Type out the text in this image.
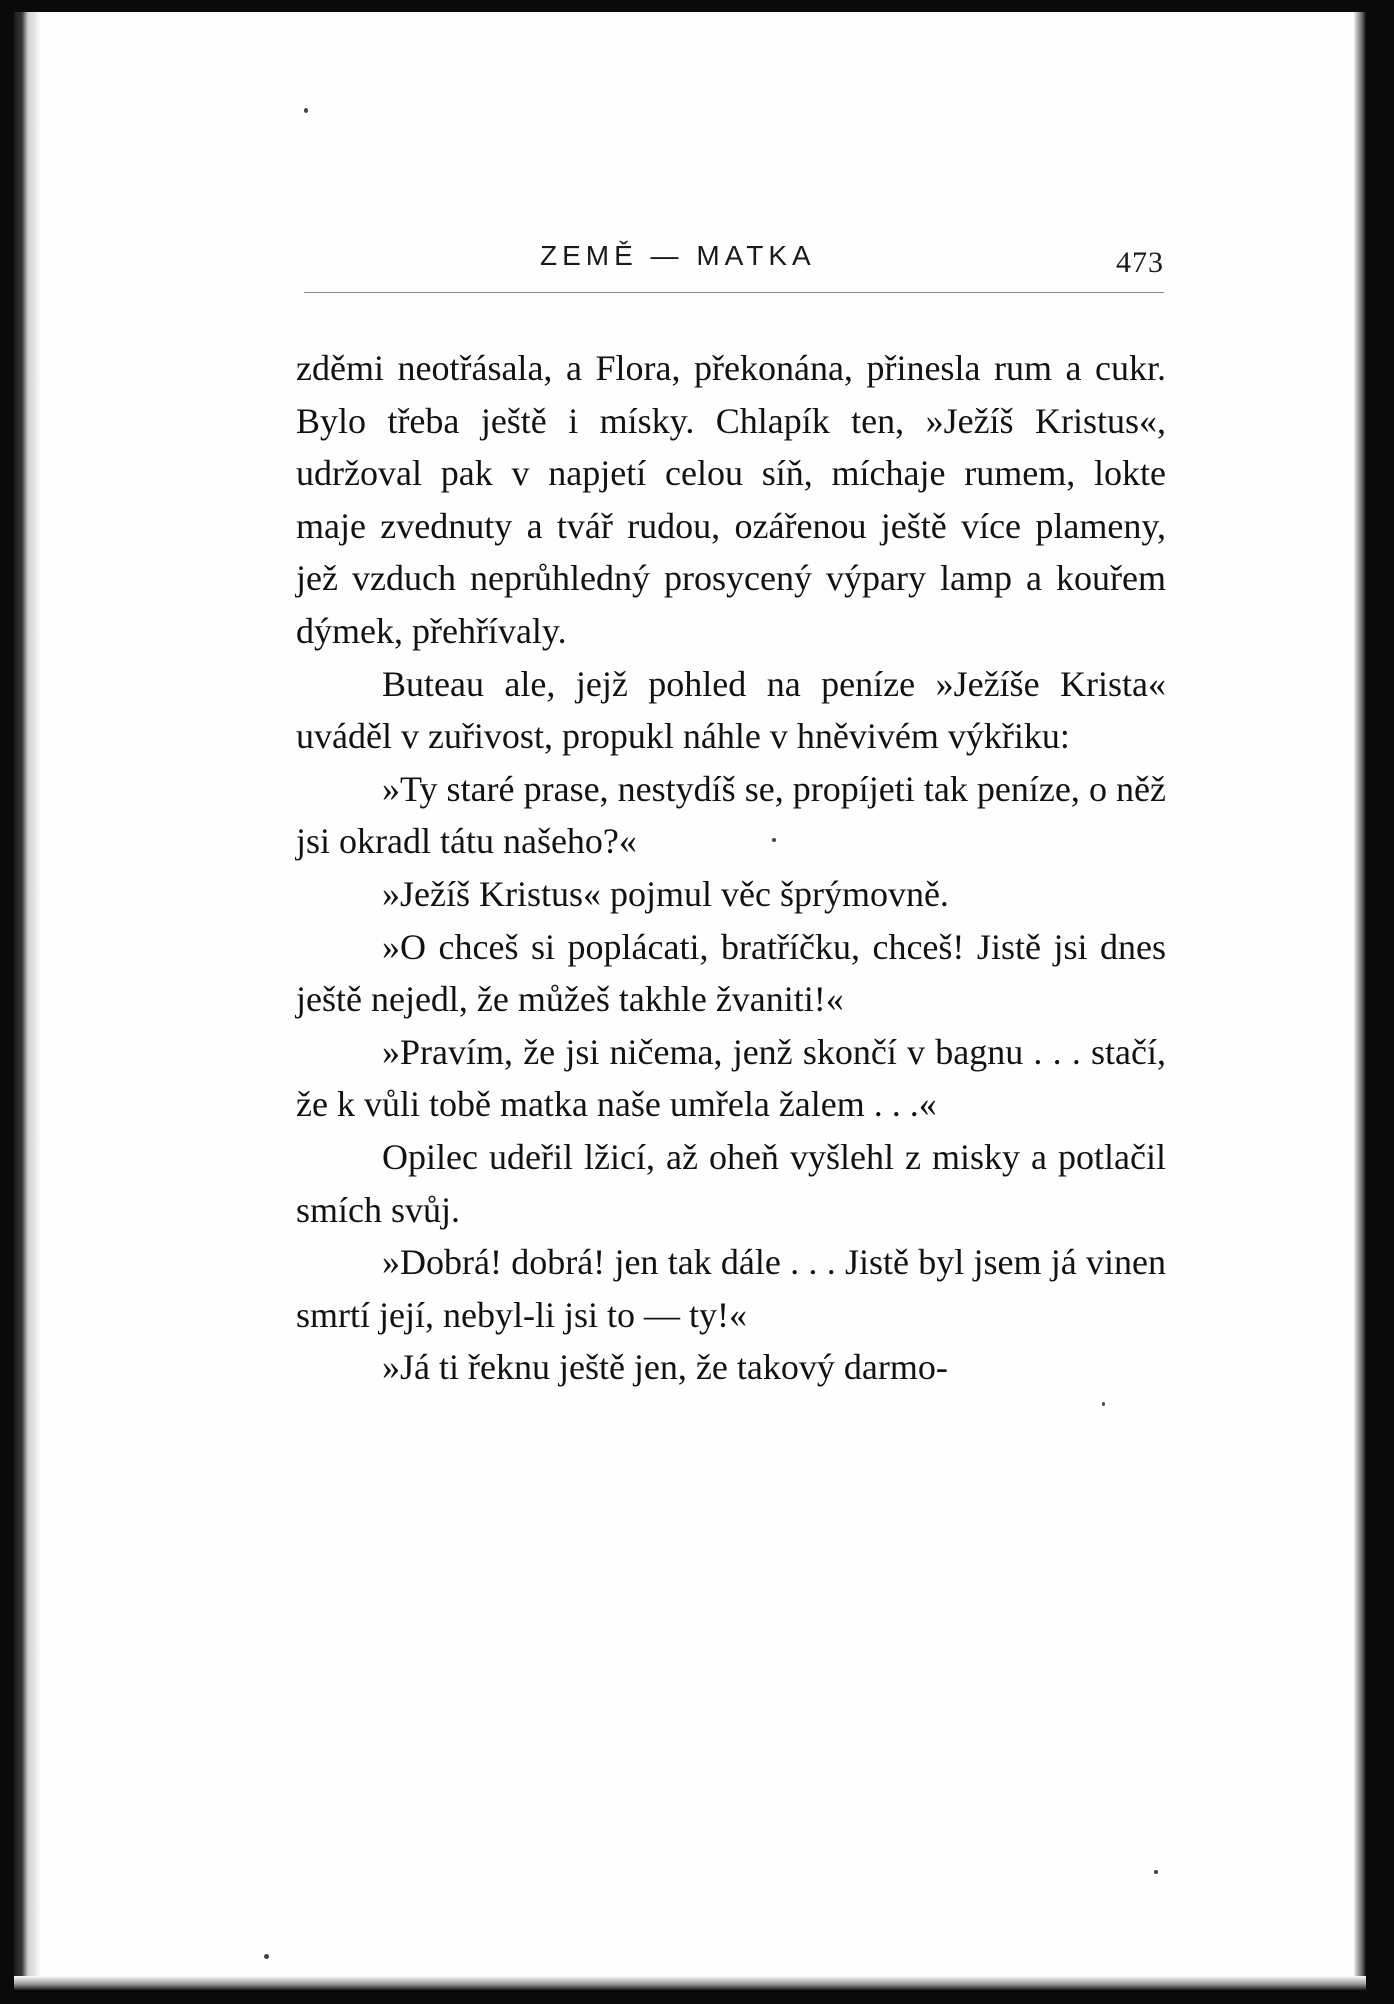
ZEMĚ — MATKA	473

zděmi neotřásala, a Flora, překonána, přinesla rum a cukr. Bylo třeba ještě i mísky. Chlapík ten, »Ježíš Kristus«, udržoval pak v napjetí celou síň, míchaje rumem, lokte maje zvednuty a tvář rudou, ozářenou ještě více plameny, jež vzduch neprůhledný prosycený výpary lamp a kouřem dýmek, přehřívaly.

Buteau ale, jejž pohled na peníze »Ježíše Krista« uváděl v zuřivost, propukl náhle v hněvivém výkřiku:

»Ty staré prase, nestydíš se, propíjeti tak peníze, o něž jsi okradl tátu našeho?«

»Ježíš Kristus« pojmul věc šprýmovně.

»O chceš si poplácati, bratříčku, chceš! Jistě jsi dnes ještě nejedl, že můžeš takhle žvaniti!«

»Pravím, že jsi ničema, jenž skončí v bagnu . . . stačí, že k vůli tobě matka naše umřela žalem . . .«

Opilec udeřil lžicí, až oheň vyšlehl z misky a potlačil smích svůj.

»Dobrá! dobrá! jen tak dále . . . Jistě byl jsem já vinen smrtí její, nebyl-li jsi to — ty!«

»Já ti řeknu ještě jen, že takový darmo-
